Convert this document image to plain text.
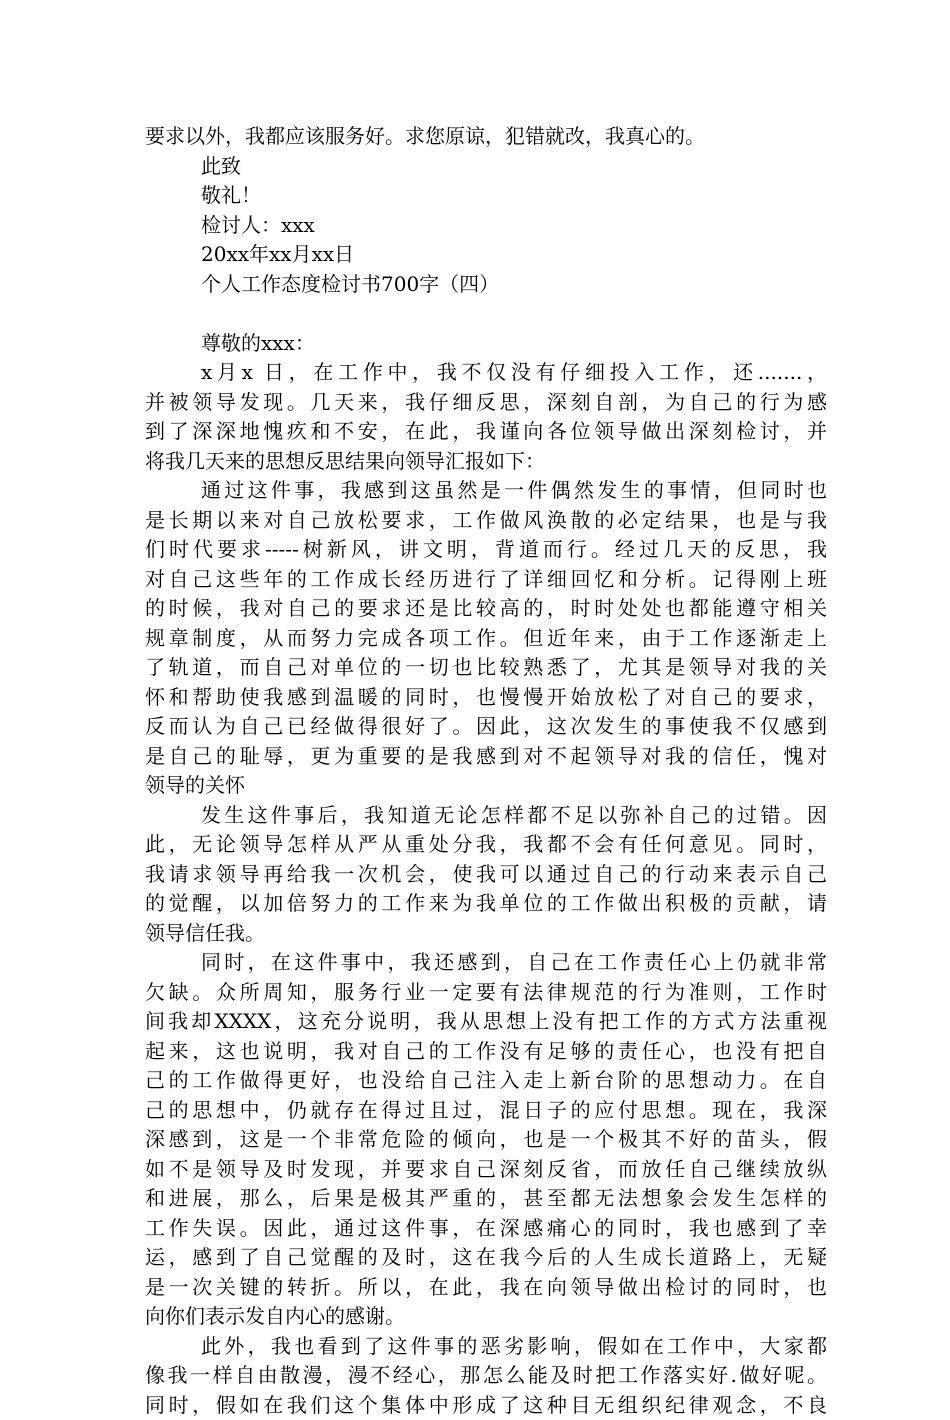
要求以外，我都应该服务好。求您原谅，犯错就改，我真心的。
此致
敬礼！
检讨人：xxx
20xx年xx月xx日
个人工作态度检讨书700字（四）
尊敬的xxx：
x月x 日，在工作中，我不仅没有仔细投入工作，还.......，
并被领导发现。几天来，我仔细反思，深刻自剖，为自己的行为感
到了深深地愧疚和不安，在此，我谨向各位领导做出深刻检讨，并
将我几天来的思想反思结果向领导汇报如下：
通过这件事，我感到这虽然是一件偶然发生的事情，但同时也
是长期以来对自己放松要求，工作做风涣散的必定结果，也是与我
们时代要求-----树新风，讲文明，背道而行。经过几天的反思，我
对自己这些年的工作成长经历进行了详细回忆和分析。记得刚上班
的时候，我对自己的要求还是比较高的，时时处处也都能遵守相关
规章制度，从而努力完成各项工作。但近年来，由于工作逐渐走上
了轨道，而自己对单位的一切也比较熟悉了，尤其是领导对我的关
怀和帮助使我感到温暖的同时，也慢慢开始放松了对自己的要求，
反而认为自己已经做得很好了。因此，这次发生的事使我不仅感到
是自己的耻辱，更为重要的是我感到对不起领导对我的信任，愧对
领导的关怀
发生这件事后，我知道无论怎样都不足以弥补自己的过错。因
此，无论领导怎样从严从重处分我，我都不会有任何意见。同时，
我请求领导再给我一次机会，使我可以通过自己的行动来表示自己
的觉醒，以加倍努力的工作来为我单位的工作做出积极的贡献，请
领导信任我。
同时，在这件事中，我还感到，自己在工作责任心上仍就非常
欠缺。众所周知，服务行业一定要有法律规范的行为准则，工作时
间我却XXXX，这充分说明，我从思想上没有把工作的方式方法重视
起来，这也说明，我对自己的工作没有足够的责任心，也没有把自
己的工作做得更好，也没给自己注入走上新台阶的思想动力。在自
己的思想中，仍就存在得过且过，混日子的应付思想。现在，我深
深感到，这是一个非常危险的倾向，也是一个极其不好的苗头，假
如不是领导及时发现，并要求自己深刻反省，而放任自己继续放纵
和进展，那么，后果是极其严重的，甚至都无法想象会发生怎样的
工作失误。因此，通过这件事，在深感痛心的同时，我也感到了幸
运，感到了自己觉醒的及时，这在我今后的人生成长道路上，无疑
是一次关键的转折。所以，在此，我在向领导做出检讨的同时，也
向你们表示发自内心的感谢。
此外，我也看到了这件事的恶劣影响，假如在工作中，大家都
像我一样自由散漫，漫不经心，那怎么能及时把工作落实好.做好呢。
同时，假如在我们这个集体中形成了这种目无组织纪律观念，不良
